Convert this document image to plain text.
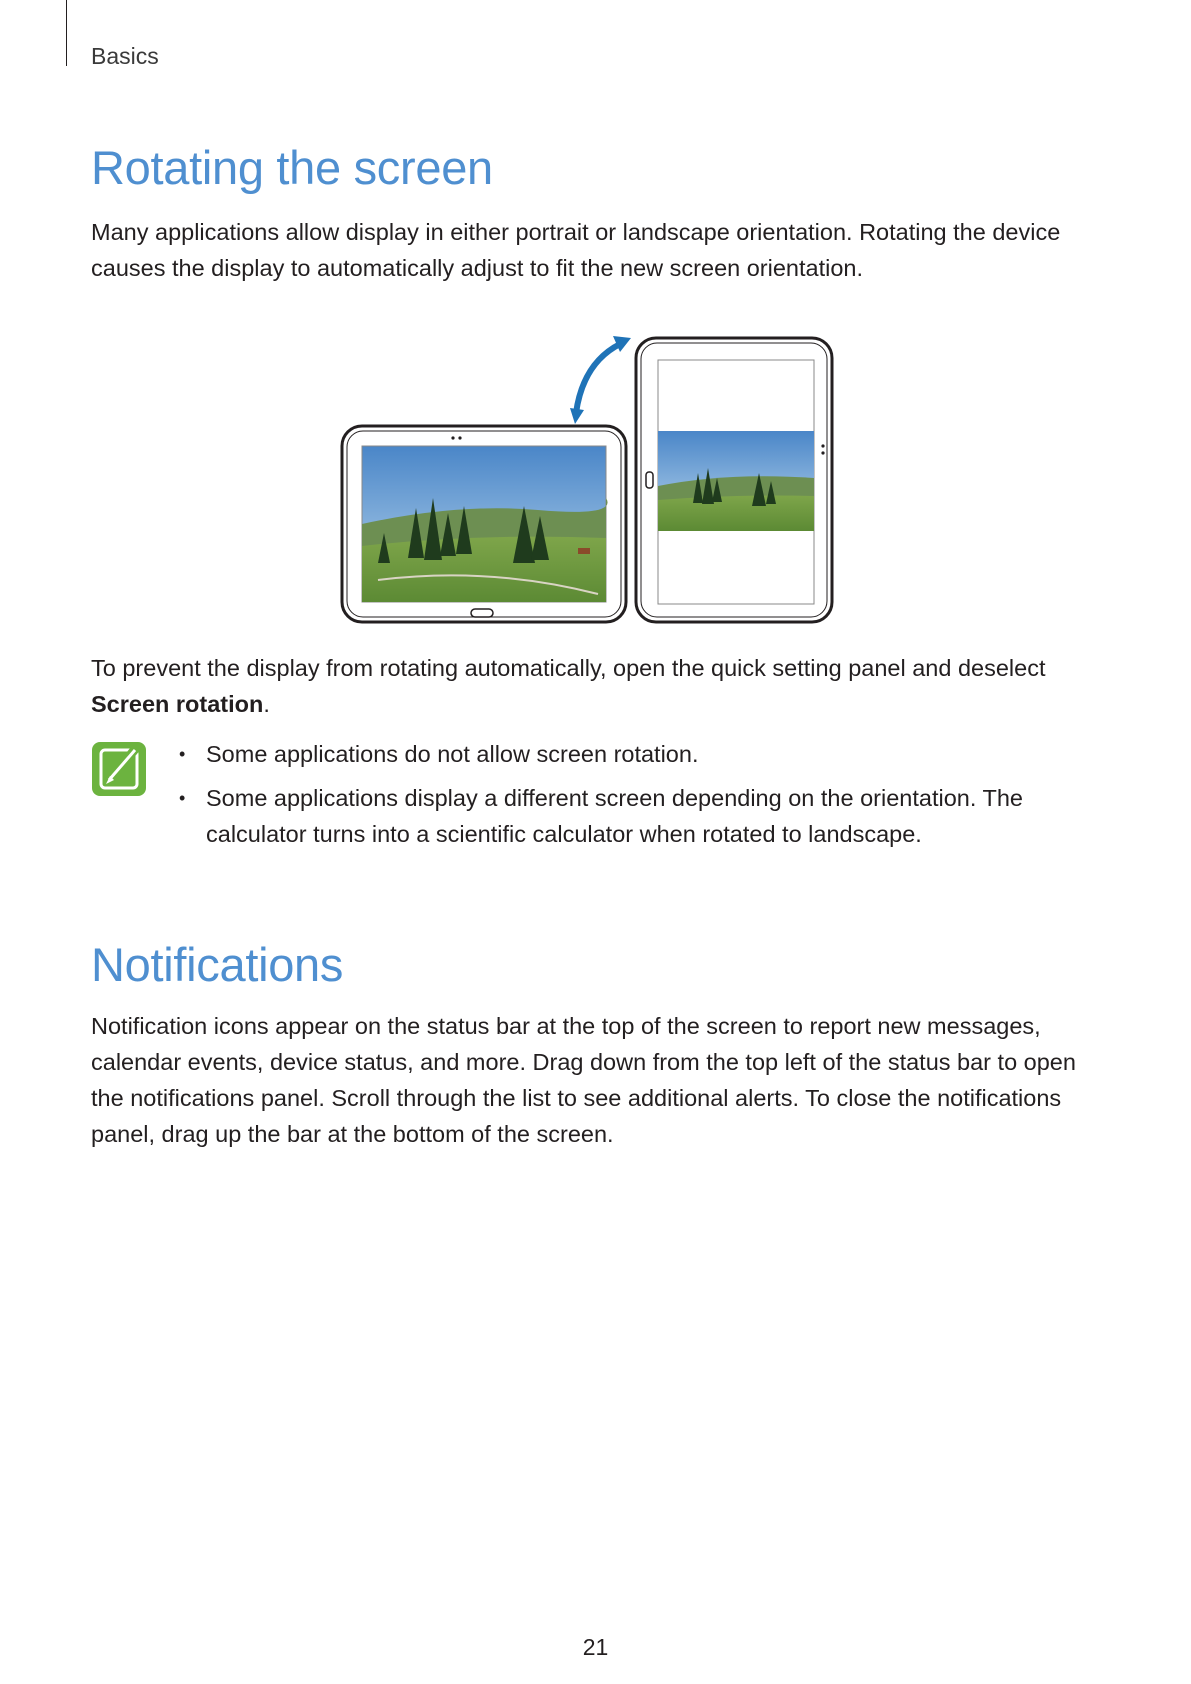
Basics
Rotating the screen

Many applications allow display in either portrait or landscape orientation. Rotating the device causes the display to automatically adjust to fit the new screen orientation.

To prevent the display from rotating automatically, open the quick setting panel and deselect Screen rotation.

• Some applications do not allow screen rotation.
• Some applications display a different screen depending on the orientation. The calculator turns into a scientific calculator when rotated to landscape.
Notifications

Notification icons appear on the status bar at the top of the screen to report new messages, calendar events, device status, and more. Drag down from the top left of the status bar to open the notifications panel. Scroll through the list to see additional alerts. To close the notifications panel, drag up the bar at the bottom of the screen.

21
